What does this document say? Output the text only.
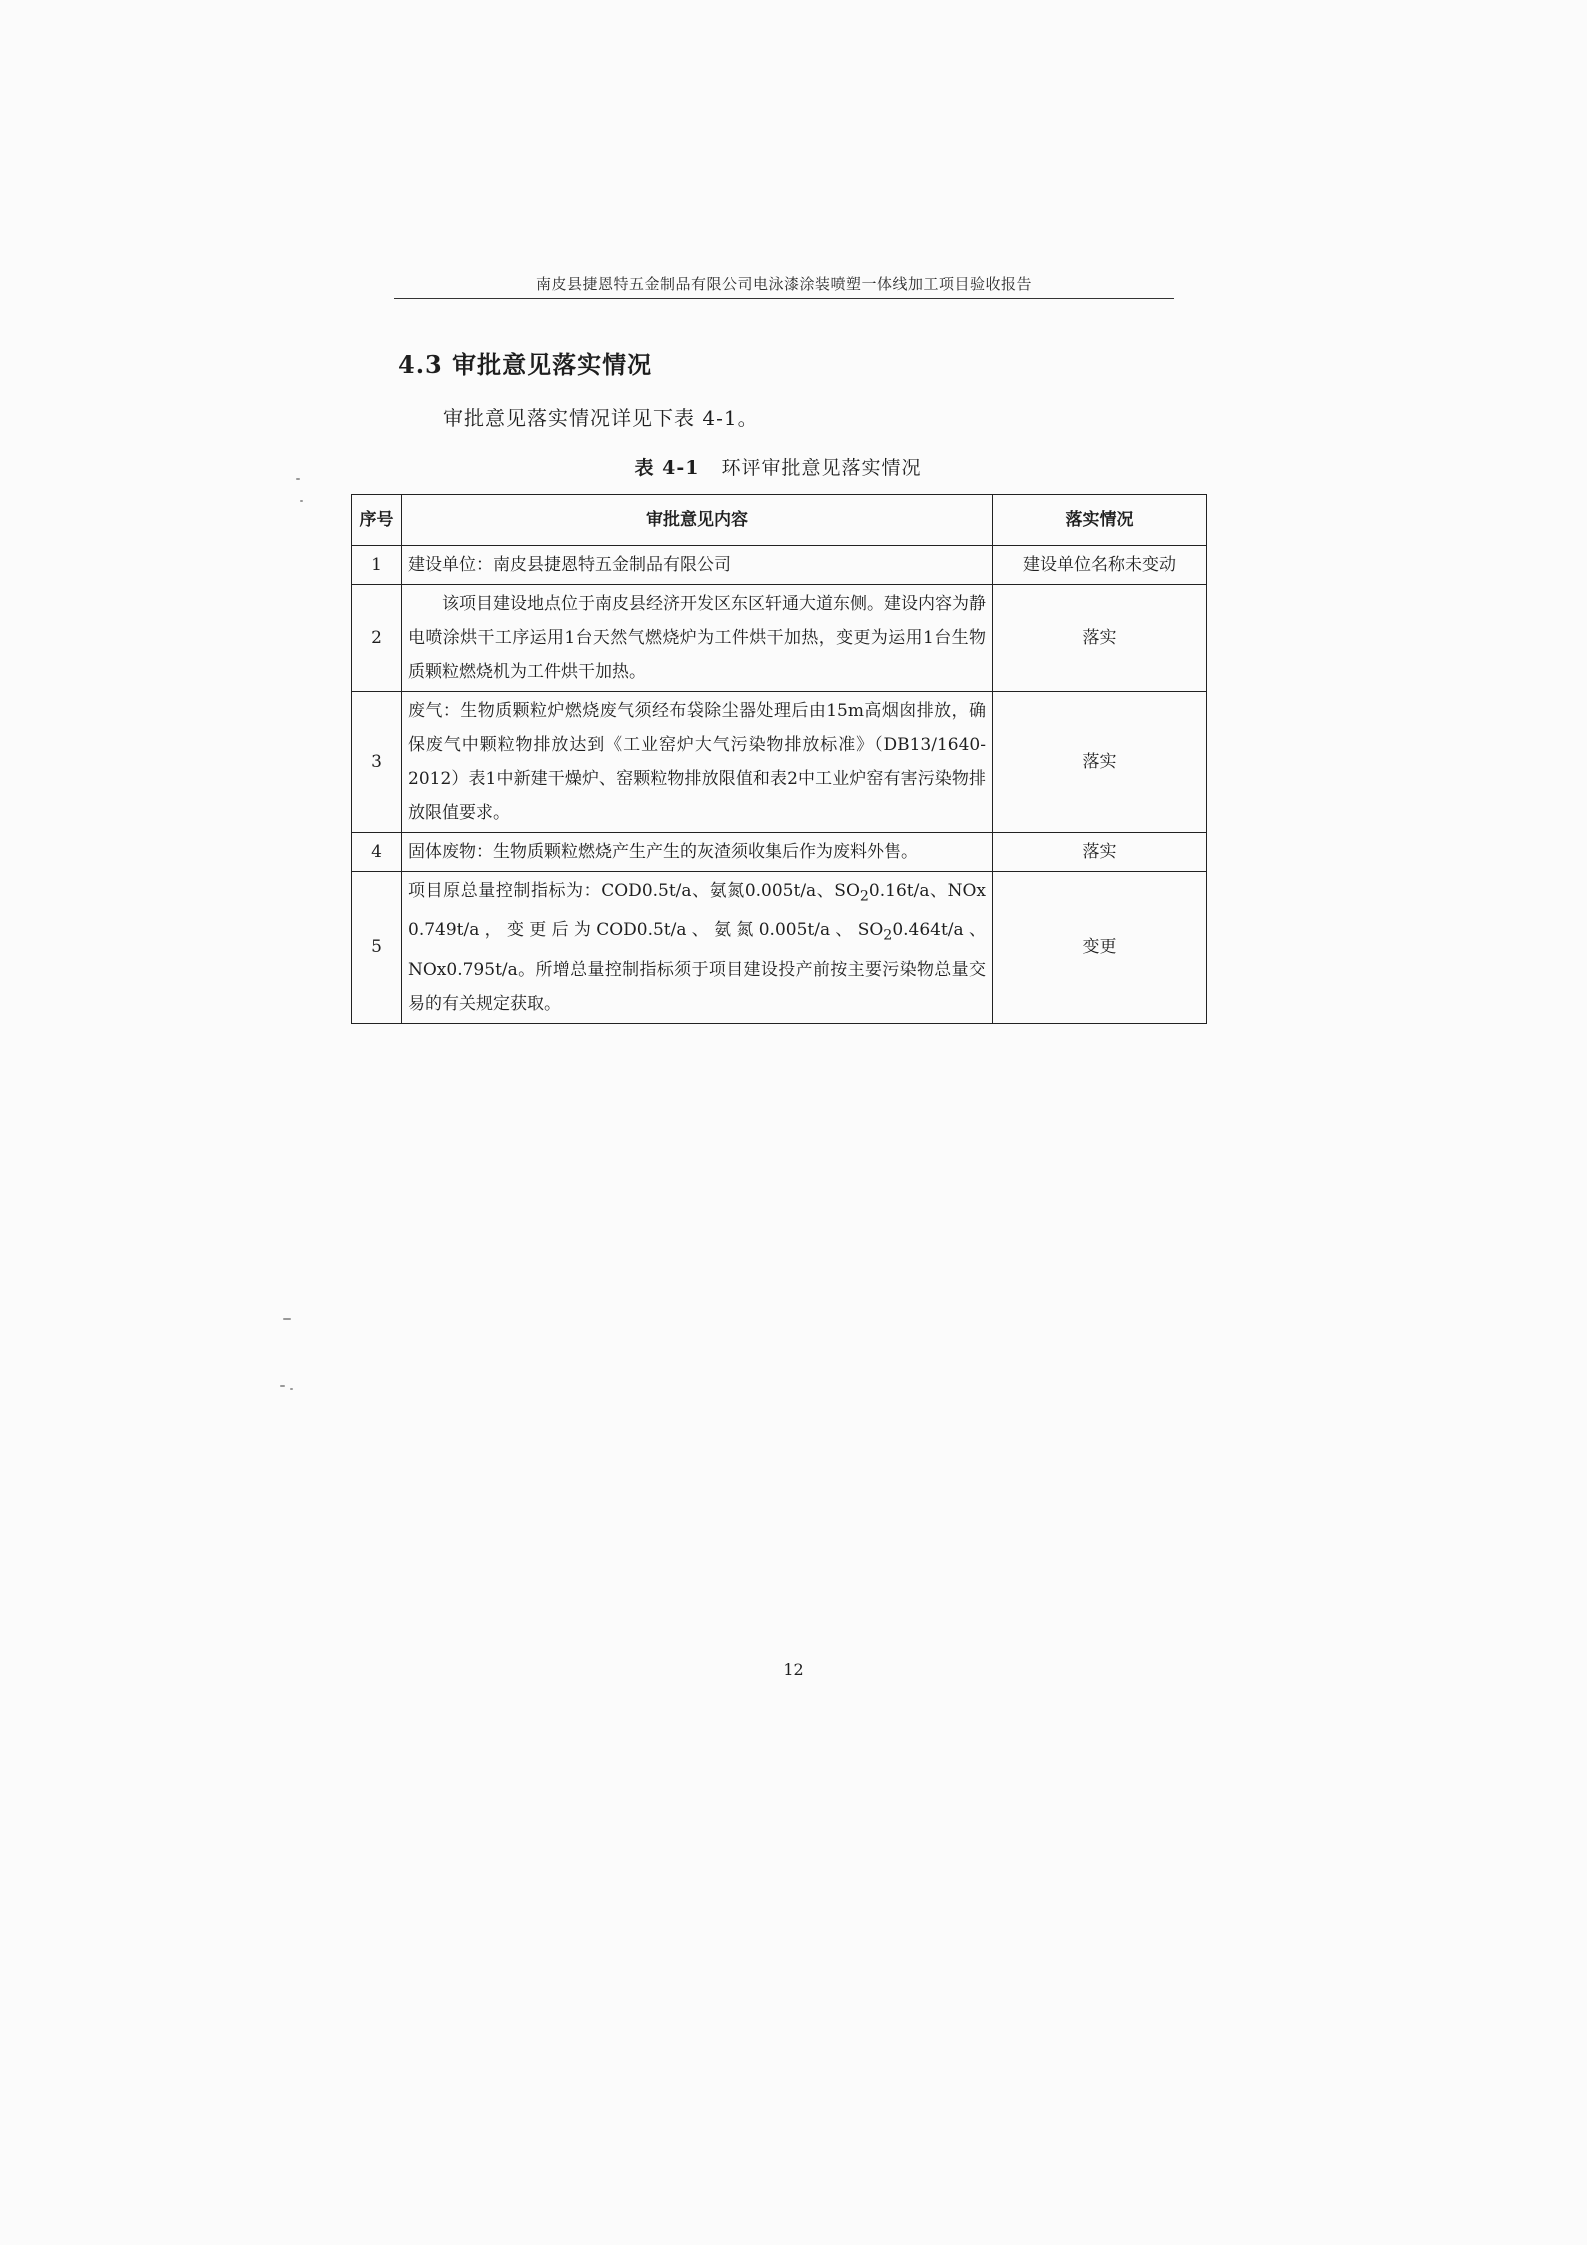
南皮县捷恩特五金制品有限公司电泳漆涂装喷塑一体线加工项目验收报告
4.3 审批意见落实情况
审批意见落实情况详见下表 4-1。
表 4-1 环评审批意见落实情况
序号	审批意见内容	落实情况
1	建设单位：南皮县捷恩特五金制品有限公司	建设单位名称未变动
2	该项目建设地点位于南皮县经济开发区东区轩通大道东侧。建设内容为静电喷涂烘干工序运用1台天然气燃烧炉为工件烘干加热，变更为运用1台生物质颗粒燃烧机为工件烘干加热。	落实
3	废气：生物质颗粒炉燃烧废气须经布袋除尘器处理后由15m高烟囱排放，确保废气中颗粒物排放达到《工业窑炉大气污染物排放标准》（DB13/1640-2012）表1中新建干燥炉、窑颗粒物排放限值和表2中工业炉窑有害污染物排放限值要求。	落实
4	固体废物：生物质颗粒燃烧产生产生的灰渣须收集后作为废料外售。	落实
5	项目原总量控制指标为：COD0.5t/a、氨氮0.005t/a、$SO_20.16t/a$、NOx 0.749t/a，变更后为COD0.5t/a、氨氮0.005t/a、$SO_20.464t/a$、NOx0.795t/a。所增总量控制指标须于项目建设投产前按主要污染物总量交易的有关规定获取。	变更
12
